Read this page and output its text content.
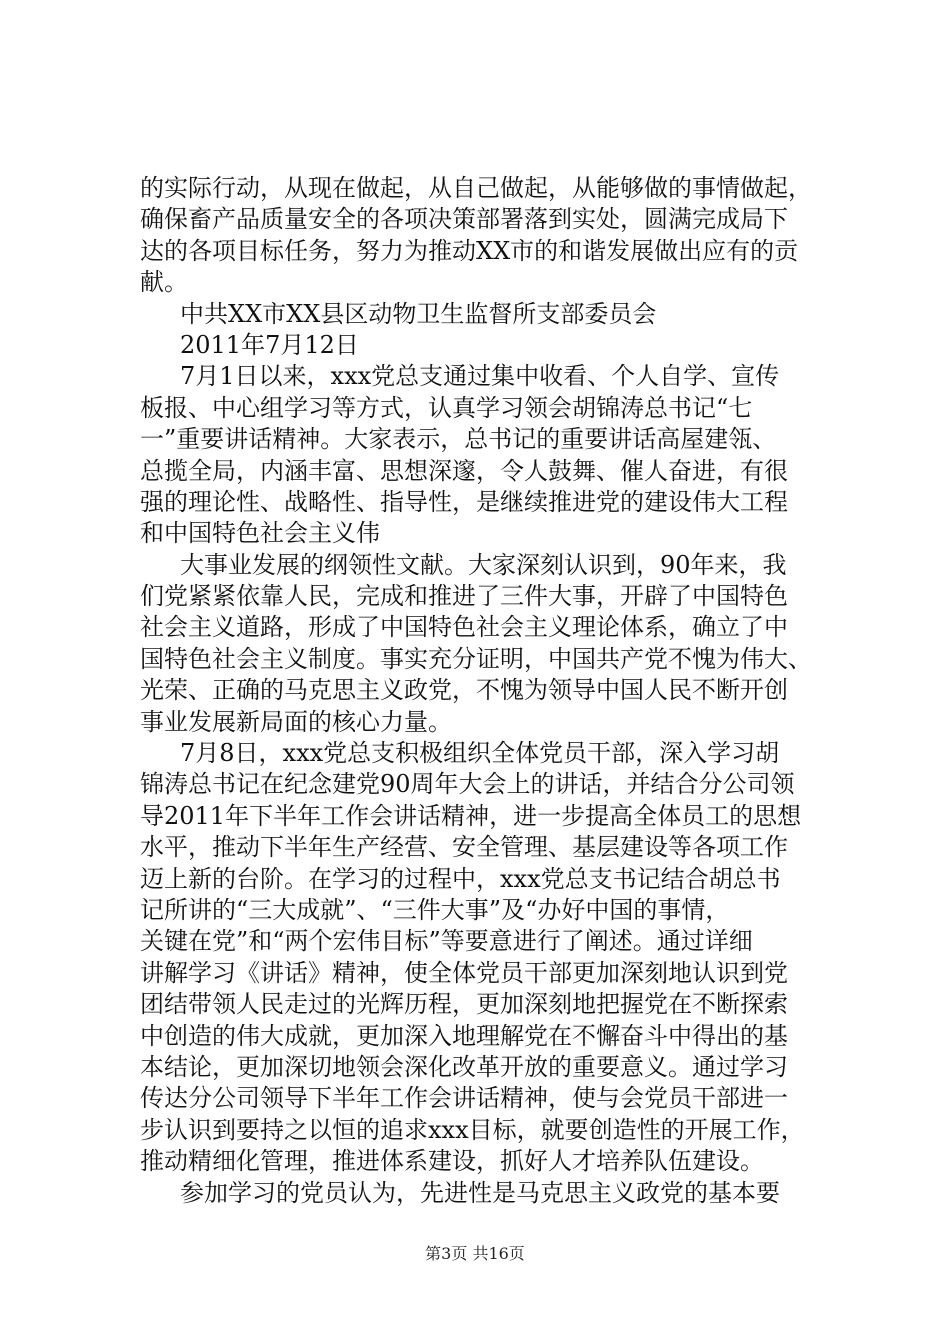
的实际行动，从现在做起，从自己做起，从能够做的事情做起，

确保畜产品质量安全的各项决策部署落到实处，圆满完成局下

达的各项目标任务，努力为推动XX市的和谐发展做出应有的贡

献。

中共XX市XX县区动物卫生监督所支部委员会

2011年7月12日

7月1日以来，xxx党总支通过集中收看、个人自学、宣传

板报、中心组学习等方式，认真学习领会胡锦涛总书记“七

一”重要讲话精神。大家表示，总书记的重要讲话高屋建瓴、

总揽全局，内涵丰富、思想深邃，令人鼓舞、催人奋进，有很

强的理论性、战略性、指导性，是继续推进党的建设伟大工程

和中国特色社会主义伟

大事业发展的纲领性文献。大家深刻认识到，90年来，我

们党紧紧依靠人民，完成和推进了三件大事，开辟了中国特色

社会主义道路，形成了中国特色社会主义理论体系，确立了中

国特色社会主义制度。事实充分证明，中国共产党不愧为伟大、

光荣、正确的马克思主义政党，不愧为领导中国人民不断开创

事业发展新局面的核心力量。

7月8日，xxx党总支积极组织全体党员干部，深入学习胡

锦涛总书记在纪念建党90周年大会上的讲话，并结合分公司领

导2011年下半年工作会讲话精神，进一步提高全体员工的思想

水平，推动下半年生产经营、安全管理、基层建设等各项工作

迈上新的台阶。在学习的过程中，xxx党总支书记结合胡总书

记所讲的“三大成就”、“三件大事”及“办好中国的事情，

关键在党”和“两个宏伟目标”等要意进行了阐述。通过详细

讲解学习《讲话》精神，使全体党员干部更加深刻地认识到党

团结带领人民走过的光辉历程，更加深刻地把握党在不断探索

中创造的伟大成就，更加深入地理解党在不懈奋斗中得出的基

本结论，更加深切地领会深化改革开放的重要意义。通过学习

传达分公司领导下半年工作会讲话精神，使与会党员干部进一

步认识到要持之以恒的追求xxx目标，就要创造性的开展工作，

推动精细化管理，推进体系建设，抓好人才培养队伍建设。

参加学习的党员认为，先进性是马克思主义政党的基本要

第3页 共16页
